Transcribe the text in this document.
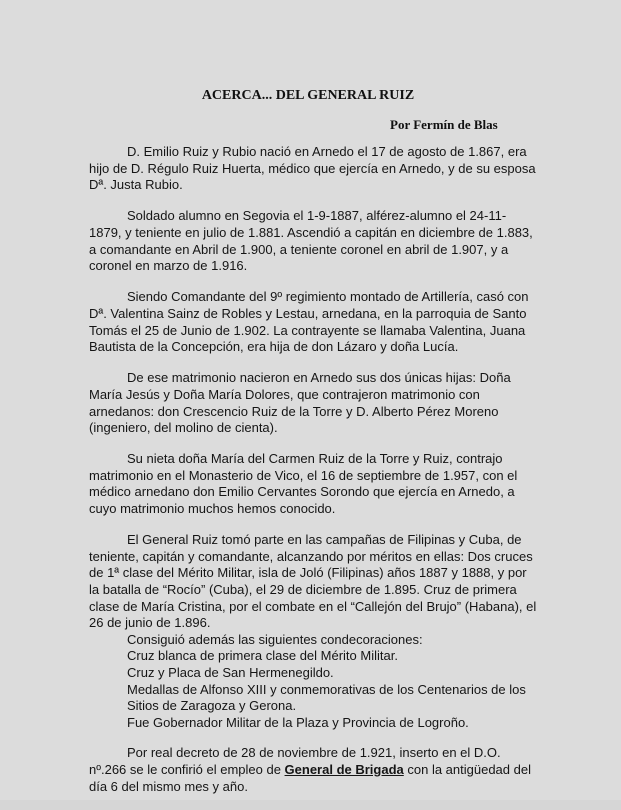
ACERCA... DEL GENERAL RUIZ
Por Fermín de Blas

D. Emilio Ruiz y Rubio nació en Arnedo el 17 de agosto de 1.867, era hijo de D. Régulo Ruiz Huerta, médico que ejercía en Arnedo, y de su esposa Dª. Justa Rubio.

Soldado alumno en Segovia el 1-9-1887, alférez-alumno el 24-11-1879, y teniente en julio de 1.881. Ascendió a capitán en diciembre de 1.883, a comandante en Abril de 1.900, a teniente coronel en abril de 1.907, y a coronel en marzo de 1.916.

Siendo Comandante del 9º regimiento montado de Artillería, casó con Dª. Valentina Sainz de Robles y Lestau, arnedana, en la parroquia de Santo Tomás el 25 de Junio de 1.902. La contrayente se llamaba Valentina, Juana Bautista de la Concepción, era hija de don Lázaro y doña Lucía.

De ese matrimonio nacieron en Arnedo sus dos únicas hijas: Doña María Jesús y Doña María Dolores, que contrajeron matrimonio con arnedanos: don Crescencio Ruiz de la Torre y D. Alberto Pérez Moreno (ingeniero, del molino de cienta).

Su nieta doña María del Carmen Ruiz de la Torre y Ruiz, contrajo matrimonio en el Monasterio de Vico, el 16 de septiembre de 1.957, con el médico arnedano don Emilio Cervantes Sorondo que ejercía en Arnedo, a cuyo matrimonio muchos hemos conocido.

El General Ruiz tomó parte en las campañas de Filipinas y Cuba, de teniente, capitán y comandante, alcanzando por méritos en ellas: Dos cruces de 1ª clase del Mérito Militar, isla de Joló (Filipinas) años 1887 y 1888, y por la batalla de “Rocío” (Cuba), el 29 de diciembre de 1.895. Cruz de primera clase de María Cristina, por el combate en el “Callejón del Brujo” (Habana), el 26 de junio de 1.896.

Consiguió además las siguientes condecoraciones:
Cruz blanca de primera clase del Mérito Militar.
Cruz y Placa de San Hermenegildo.
Medallas de Alfonso XIII y conmemorativas de los Centenarios de los Sitios de Zaragoza y Gerona.
Fue Gobernador Militar de la Plaza y Provincia de Logroño.

Por real decreto de 28 de noviembre de 1.921, inserto en el D.O. nº.266 se le confirió el empleo de General de Brigada con la antigüedad del día 6 del mismo mes y año.
